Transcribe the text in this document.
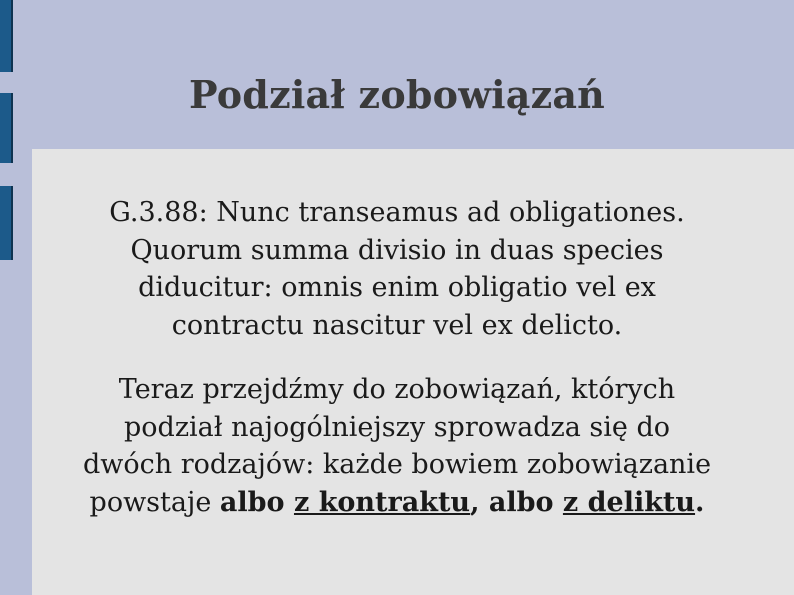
Podział zobowiązań
G.3.88: Nunc transeamus ad obligationes.
Quorum summa divisio in duas species
diducitur: omnis enim obligatio vel ex
contractu nascitur vel ex delicto.
Teraz przejdźmy do zobowiązań, których
podział najogólniejszy sprowadza się do
dwóch rodzajów: każde bowiem zobowiązanie
powstaje albo z kontraktu, albo z deliktu.
